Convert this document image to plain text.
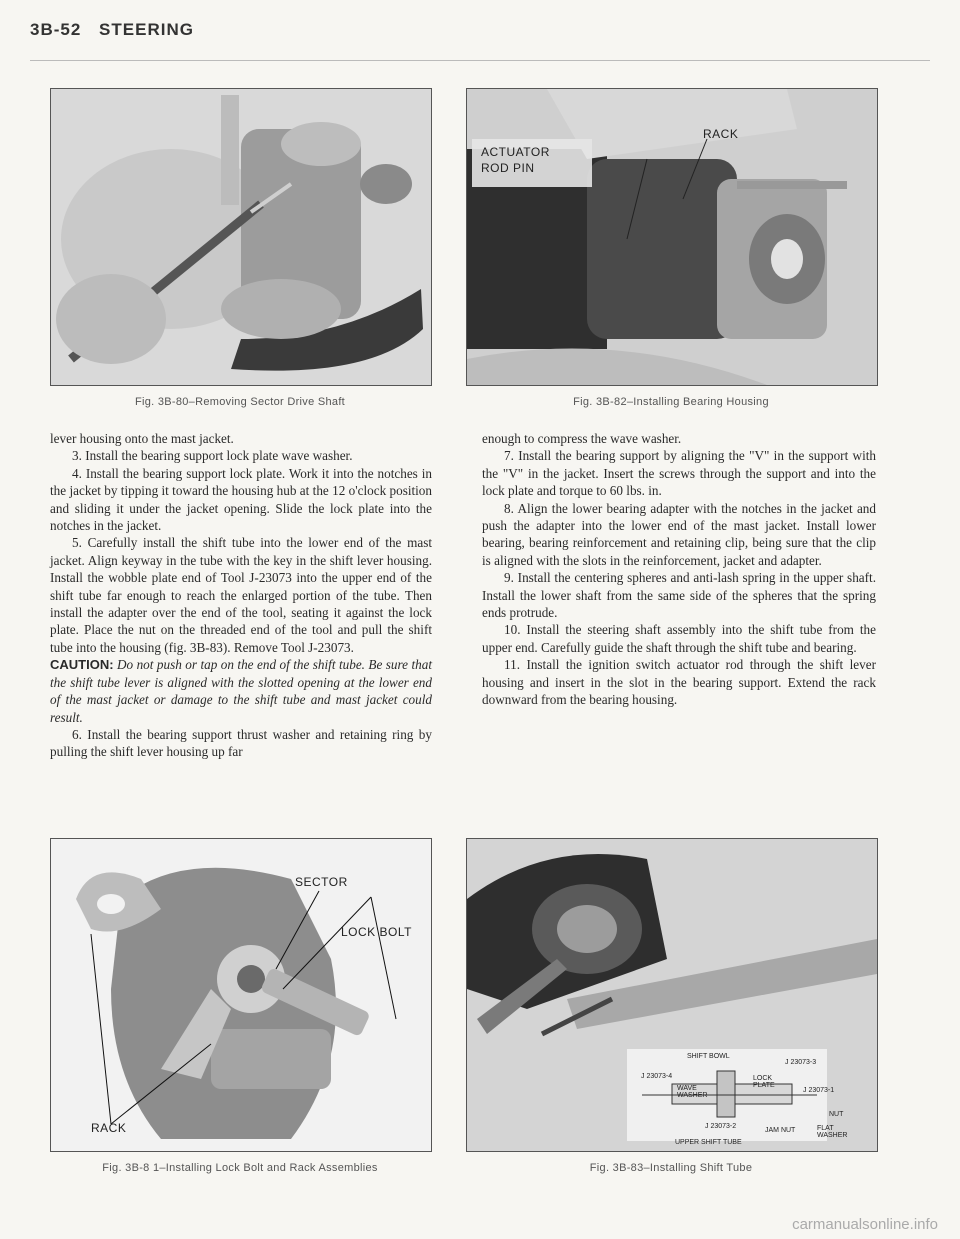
3B-52 STEERING
Fig. 3B-80–Removing Sector Drive Shaft
ACTUATOR
ROD PIN
RACK
Fig. 3B-82–Installing Bearing Housing

lever housing onto the mast jacket.

3. Install the bearing support lock plate wave washer.

4. Install the bearing support lock plate. Work it into the notches in the jacket by tipping it toward the housing hub at the 12 o'clock position and sliding it under the jacket opening. Slide the lock plate into the notches in the jacket.

5. Carefully install the shift tube into the lower end of the mast jacket. Align keyway in the tube with the key in the shift lever housing. Install the wobble plate end of Tool J-23073 into the upper end of the shift tube far enough to reach the enlarged portion of the tube. Then install the adapter over the end of the tool, seating it against the lock plate. Place the nut on the threaded end of the tool and pull the shift tube into the housing (fig. 3B-83). Remove Tool J-23073.

CAUTION: Do not push or tap on the end of the shift tube. Be sure that the shift tube lever is aligned with the slotted opening at the lower end of the mast jacket or damage to the shift tube and mast jacket could result.

6. Install the bearing support thrust washer and retaining ring by pulling the shift lever housing up far

enough to compress the wave washer.

7. Install the bearing support by aligning the "V" in the support with the "V" in the jacket. Insert the screws through the support and into the lock plate and torque to 60 lbs. in.

8. Align the lower bearing adapter with the notches in the jacket and push the adapter into the lower end of the mast jacket. Install lower bearing, bearing reinforcement and retaining clip, being sure that the clip is aligned with the slots in the reinforcement, jacket and adapter.

9. Install the centering spheres and anti-lash spring in the upper shaft. Install the lower shaft from the same side of the spheres that the spring ends protrude.

10. Install the steering shaft assembly into the shift tube from the upper end. Carefully guide the shaft through the shift tube and bearing.

11. Install the ignition switch actuator rod through the shift lever housing and insert in the slot in the bearing support. Extend the rack downward from the bearing housing.

SECTOR
LOCK BOLT
RACK
Fig. 3B-8 1–Installing Lock Bolt and Rack Assemblies
SHIFT BOWL
J 23073-3
J 23073-4	LOCK PLATE
WAVE WASHER
J 23073-1
NUT
J 23073-2
JAM NUT	FLAT WASHER
UPPER SHIFT TUBE
Fig. 3B-83–Installing Shift Tube
carmanualsonline.info
